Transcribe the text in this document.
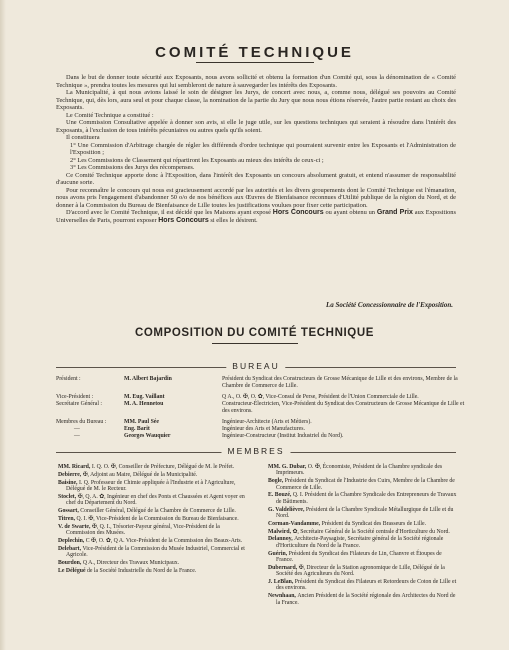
COMITÉ TECHNIQUE

Dans le but de donner toute sécurité aux Exposants, nous avons sollicité et obtenu la formation d'un Comité qui, sous la dénomination de « Comité Technique », prendra toutes les mesures qui lui sembleront de nature à sauvegarder les intérêts des Exposants.

La Municipalité, à qui nous avions laissé le soin de désigner les Jurys, de concert avec nous, a, comme nous, délégué ses pouvoirs au Comité Technique, qui, dès lors, aura seul et pour chaque classe, la nomination de la partie du Jury que nous nous étions réservée, l'autre partie restant au choix des Exposants.

Le Comité Technique a constitué :

Une Commission Consultative appelée à donner son avis, si elle le juge utile, sur les questions techniques qui seraient à résoudre dans l'intérêt des Exposants, à l'exclusion de tous intérêts pécuniaires ou autres quels qu'ils soient.

Il constituera

1° Une Commission d'Arbitrage chargée de régler les différends d'ordre technique qui pourraient survenir entre les Exposants et l'Administration de l'Exposition ;

2° Les Commissions de Classement qui répartiront les Exposants au mieux des intérêts de ceux-ci ;

3° Les Commissions des Jurys des récompenses.

Ce Comité Technique apporte donc à l'Exposition, dans l'intérêt des Exposants un concours absolument gratuit, et entend n'assumer de responsabilité d'aucune sorte.

Pour reconnaître le concours qui nous est gracieusement accordé par les autorités et les divers groupements dont le Comité Technique est l'émanation, nous avons pris l'engagement d'abandonner 50 o/o de nos bénéfices aux Œuvres de Bienfaisance reconnues d'Utilité publique de la région du Nord, et de donner à la Commission du Bureau de Bienfaisance de Lille toutes les justifications voulues pour fixer cette participation.

D'accord avec le Comité Technique, il est décidé que les Maisons ayant exposé Hors Concours ou ayant obtenu un Grand Prix aux Expositions Universelles de Paris, pourront exposer Hors Concours si elles le désirent.

La Société Concessionnaire de l'Exposition.
COMPOSITION DU COMITÉ TECHNIQUE
BUREAU
Président :	M. Albert Bajardin	Président du Syndicat des Constructeurs de Grosse Mécanique de Lille et des environs, Membre de la Chambre de Commerce de Lille.
Vice-Président :	M. Eug. Vaillant	Q A., O. ✠, O. ✿, Vice-Consul de Perse, Président de l'Union Commerciale de Lille.
Secrétaire Général :	M. A. Hennetou	Constructeur-Électricien, Vice-Président du Syndicat des Constructeurs de Grosse Mécanique de Lille et des environs.
Membres du Bureau :	MM. Paul Sée	Ingénieur-Architecte (Arts et Métiers).
—	Eng. Barit	Ingénieur des Arts et Manufactures.
—	Georges Wauquier	Ingénieur-Constructeur (Institut Industriel du Nord).
MEMBRES
MM. Ricard, I. Q. O. ✠, Conseiller de Préfecture, Délégué de M. le Préfet.
Debierre, ✠, Adjoint au Maire, Délégué de la Municipalité.
Baisine, I. Q. Professeur de Chimie appliquée à l'Industrie et à l'Agriculture, Délégué de M. le Recteur.
Stoclet, ✠, Q. A. ✿, Ingénieur en chef des Ponts et Chaussées et Agent voyer en chef du Département du Nord.
Gossart, Conseiller Général, Délégué de la Chambre de Commerce de Lille.
Titren, Q. I. ✠, Vice-Président de la Commission du Bureau de Bienfaisance.
V. de Swarte, ✠, Q. I., Trésorier-Payeur général, Vice-Président de la Commission des Musées.
Deplechin, C ✠, O. ✿, Q A. Vice-Président de la Commission des Beaux-Arts.
Delebart, Vice-Président de la Commission du Musée Industriel, Commercial et Agricole.
Bourdon, Q A., Directeur des Travaux Municipaux.
Le Délégué de la Société Industrielle du Nord de la France.
MM. G. Dubar, O. ✠, Économiste, Président de la Chambre syndicale des Imprimeurs.
Bogle, Président du Syndicat de l'Industrie des Cuirs, Membre de la Chambre de Commerce de Lille.
E. Bouzé, Q. I. Président de la Chambre Syndicale des Entrepreneurs de Travaux de Bâtiments.
G. Valdelièvre, Président de la Chambre Syndicale Métallurgique de Lille et du Nord.
Corman-Vandamme, Président du Syndicat des Brasseurs de Lille.
Malwird, ✿, Secrétaire Général de la Société centrale d'Horticulture du Nord.
Delannoy, Architecte-Paysagiste, Secrétaire général de la Société régionale d'Horticulture du Nord de la France.
Guérin, Président du Syndicat des Filateurs de Lin, Chanvre et Étoupes de France.
Dubernard, ✠, Directeur de la Station agronomique de Lille, Délégué de la Société des Agriculteurs du Nord.
J. LeBlan, Président du Syndicat des Filateurs et Retordeurs de Coton de Lille et des environs.
Newnhaan, Ancien Président de la Société régionale des Architectes du Nord de la France.
